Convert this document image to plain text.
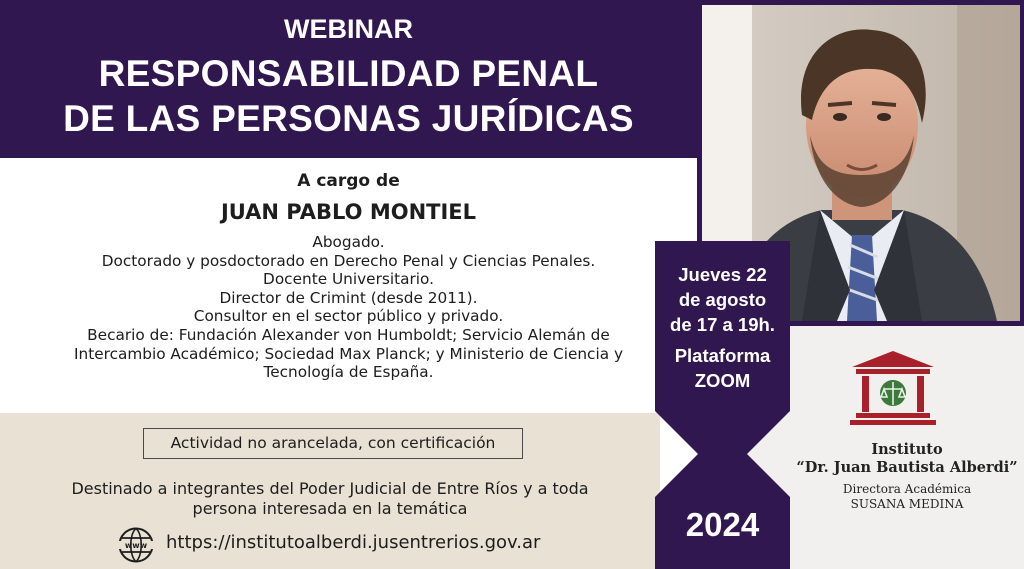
WEBINAR
RESPONSABILIDAD PENAL
DE LAS PERSONAS JURÍDICAS
A cargo de
JUAN PABLO MONTIEL
Abogado.
Doctorado y posdoctorado en Derecho Penal y Ciencias Penales.
Docente Universitario.
Director de Crimint (desde 2011).
Consultor en el sector público y privado.
Becario de: Fundación Alexander von Humboldt; Servicio Alemán de
Intercambio Académico; Sociedad Max Planck; y Ministerio de Ciencia y
Tecnología de España.
Actividad no arancelada, con certificación
Destinado a integrantes del Poder Judicial de Entre Ríos y a toda
persona interesada en la temática
www https://institutoalberdi.jusentrerios.gov.ar
Jueves 22
de agosto
de 17 a 19h.
Plataforma
ZOOM
2024
Instituto
“Dr. Juan Bautista Alberdi”
Directora Académica
SUSANA MEDINA
